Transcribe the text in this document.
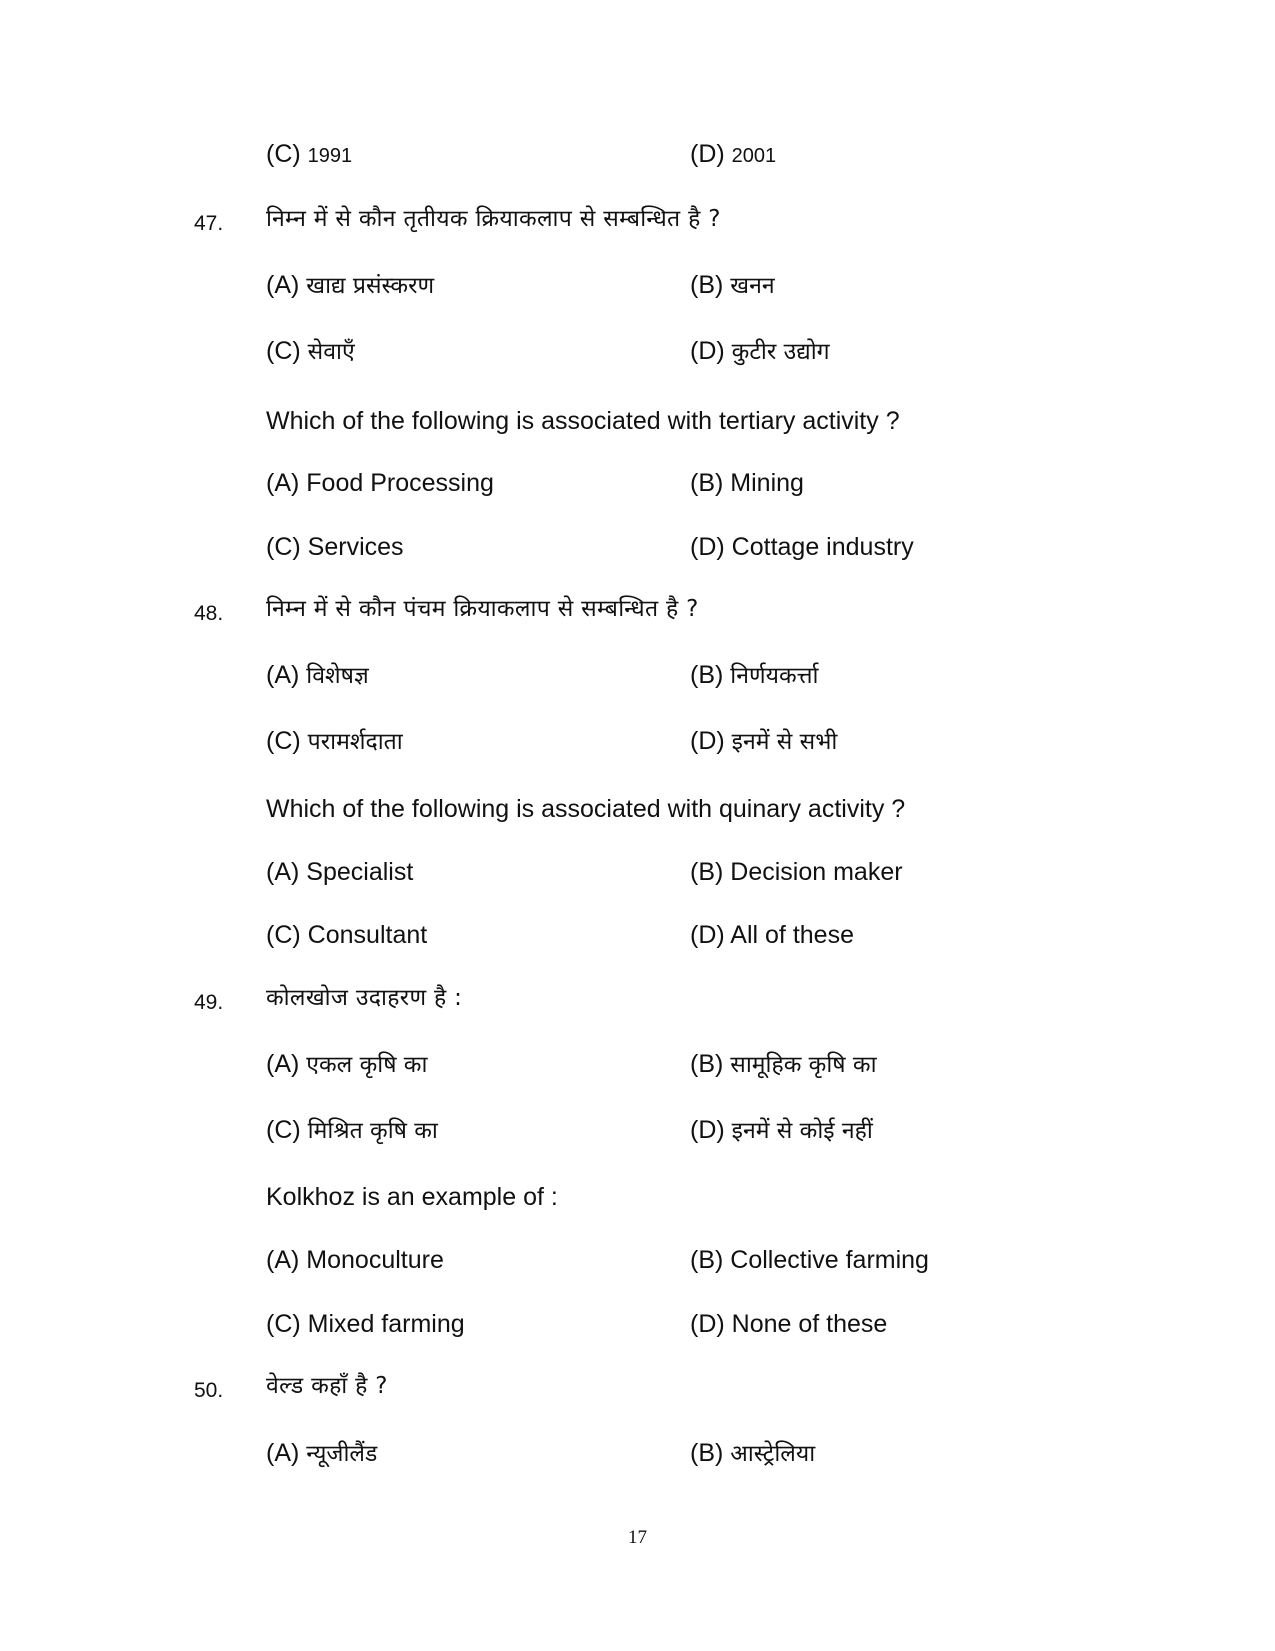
(C) 1991	(D) 2001
47. निम्न में से कौन तृतीयक क्रियाकलाप से सम्बन्धित है ?
(A) खाद्य प्रसंस्करण	(B) खनन
(C) सेवाएँ	(D) कुटीर उद्योग
Which of the following is associated with tertiary activity ?
(A) Food Processing	(B) Mining
(C) Services	(D) Cottage industry
48. निम्न में से कौन पंचम क्रियाकलाप से सम्बन्धित है ?
(A) विशेषज्ञ	(B) निर्णयकर्त्ता
(C) परामर्शदाता	(D) इनमें से सभी
Which of the following is associated with quinary activity ?
(A) Specialist	(B) Decision maker
(C) Consultant	(D) All of these
49. कोलखोज उदाहरण है :
(A) एकल कृषि का	(B) सामूहिक कृषि का
(C) मिश्रित कृषि का	(D) इनमें से कोई नहीं
Kolkhoz is an example of :
(A) Monoculture	(B) Collective farming
(C) Mixed farming	(D) None of these
50. वेल्ड कहाँ है ?
(A) न्यूजीलैंड	(B) आस्ट्रेलिया
17
